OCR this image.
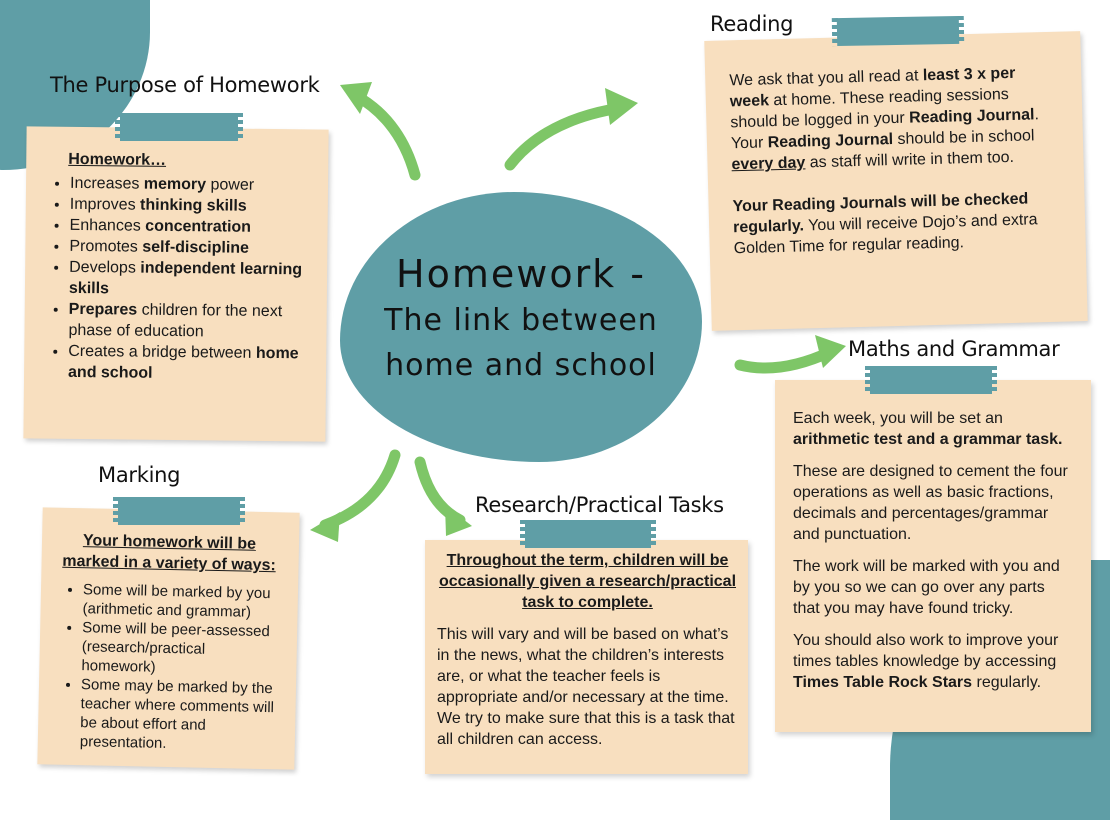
Homework -
The link between
home and school
The Purpose of Homework
Homework…
• Increases memory power
• Improves thinking skills
• Enhances concentration
• Promotes self-discipline
• Develops independent learning skills
• Prepares children for the next phase of education
• Creates a bridge between home and school
Reading

We ask that you all read at least 3 x per week at home. These reading sessions should be logged in your Reading Journal. Your Reading Journal should be in school every day as staff will write in them too.

Your Reading Journals will be checked regularly. You will receive Dojo’s and extra Golden Time for regular reading.

Maths and Grammar

Each week, you will be set an arithmetic test and a grammar task.

These are designed to cement the four operations as well as basic fractions, decimals and percentages/grammar and punctuation.

The work will be marked with you and by you so we can go over any parts that you may have found tricky.

You should also work to improve your times tables knowledge by accessing Times Table Rock Stars regularly.

Marking
Your homework will be marked in a variety of ways:
• Some will be marked by you (arithmetic and grammar)
• Some will be peer-assessed (research/practical homework)
• Some may be marked by the teacher where comments will be about effort and presentation.
Research/Practical Tasks
Throughout the term, children will be occasionally given a research/practical task to complete.

This will vary and will be based on what’s in the news, what the children’s interests are, or what the teacher feels is appropriate and/or necessary at the time. We try to make sure that this is a task that all children can access.
